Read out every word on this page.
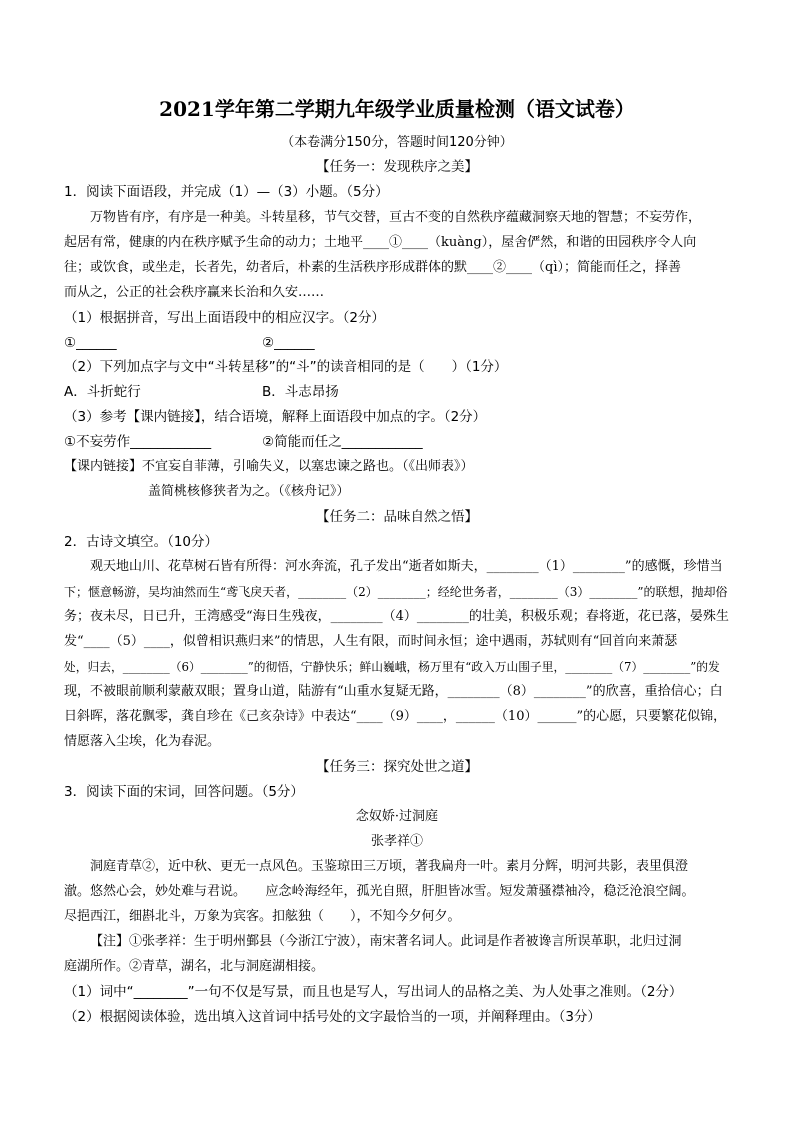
2021学年第二学期九年级学业质量检测（语文试卷）
（本卷满分150分，答题时间120分钟）
【任务一：发现秩序之美】
1．阅读下面语段，并完成（1）—（3）小题。（5分）
万物皆有序，有序是一种美。斗转星移，节气交替，亘古不变的自然秩序蕴藏洞察天地的智慧；不妄劳作，
起居有常，健康的内在秩序赋予生命的动力；土地平____①____（kuàng），屋舍俨然，和谐的田园秩序令人向
往；或饮食，或坐走，长者先，幼者后，朴素的生活秩序形成群体的默____②____（qì）；简能而任之，择善
而从之，公正的社会秩序赢来长治和久安……
（1）根据拼音，写出上面语段中的相应汉字。（2分）
①______	②______
（2）下列加点字与文中“斗转星移”的“斗”的读音相同的是（　　）（1分）
A．斗折蛇行	B．斗志昂扬
（3）参考【课内链接】，结合语境，解释上面语段中加点的字。（2分）
①不妄劳作____________	②简能而任之____________
【课内链接】不宜妄自菲薄，引喻失义，以塞忠谏之路也。（《出师表》）
盖简桃核修狭者为之。（《核舟记》）
【任务二：品味自然之悟】
2．古诗文填空。（10分）
观天地山川、花草树石皆有所得：河水奔流，孔子发出“逝者如斯夫，________（1）________”的感慨，珍惜当
下；惬意畅游，吴均油然而生“鸢飞戾天者，________（2）________；经纶世务者，________（3）________”的联想，抛却俗
务；夜未尽，日已升，王湾感受“海日生残夜，________（4）________的壮美，积极乐观；春将逝，花已落，晏殊生
发“____（5）____，似曾相识燕归来”的情思，人生有限，而时间永恒；途中遇雨，苏轼则有“回首向来萧瑟
处，归去，________（6）________”的彻悟，宁静快乐；鲜山巍峨，杨万里有“政入万山围子里，________（7）________”的发
现，不被眼前顺利蒙蔽双眼；置身山道，陆游有“山重水复疑无路，________（8）________”的欣喜，重拾信心；白
日斜晖，落花飘零，龚自珍在《己亥杂诗》中表达“____（9）____，______（10）______”的心愿，只要繁花似锦，
情愿落入尘埃，化为春泥。
【任务三：探究处世之道】
3．阅读下面的宋词，回答问题。（5分）
念奴娇·过洞庭
张孝祥①
洞庭青草②，近中秋、更无一点风色。玉鉴琼田三万顷，著我扁舟一叶。素月分辉，明河共影，表里俱澄
澈。悠然心会，妙处难与君说。　　应念岭海经年，孤光自照，肝胆皆冰雪。短发萧骚襟袖冷，稳泛沧浪空阔。
尽挹西江，细斟北斗，万象为宾客。扣舷独（　　），不知今夕何夕。
【注】①张孝祥：生于明州鄞县（今浙江宁波），南宋著名词人。此词是作者被谗言所误革职，北归过洞
庭湖所作。②青草，湖名，北与洞庭湖相接。
（1）词中“________”一句不仅是写景，而且也是写人，写出词人的品格之美、为人处事之准则。（2分）
（2）根据阅读体验，选出填入这首词中括号处的文字最恰当的一项，并阐释理由。（3分）
